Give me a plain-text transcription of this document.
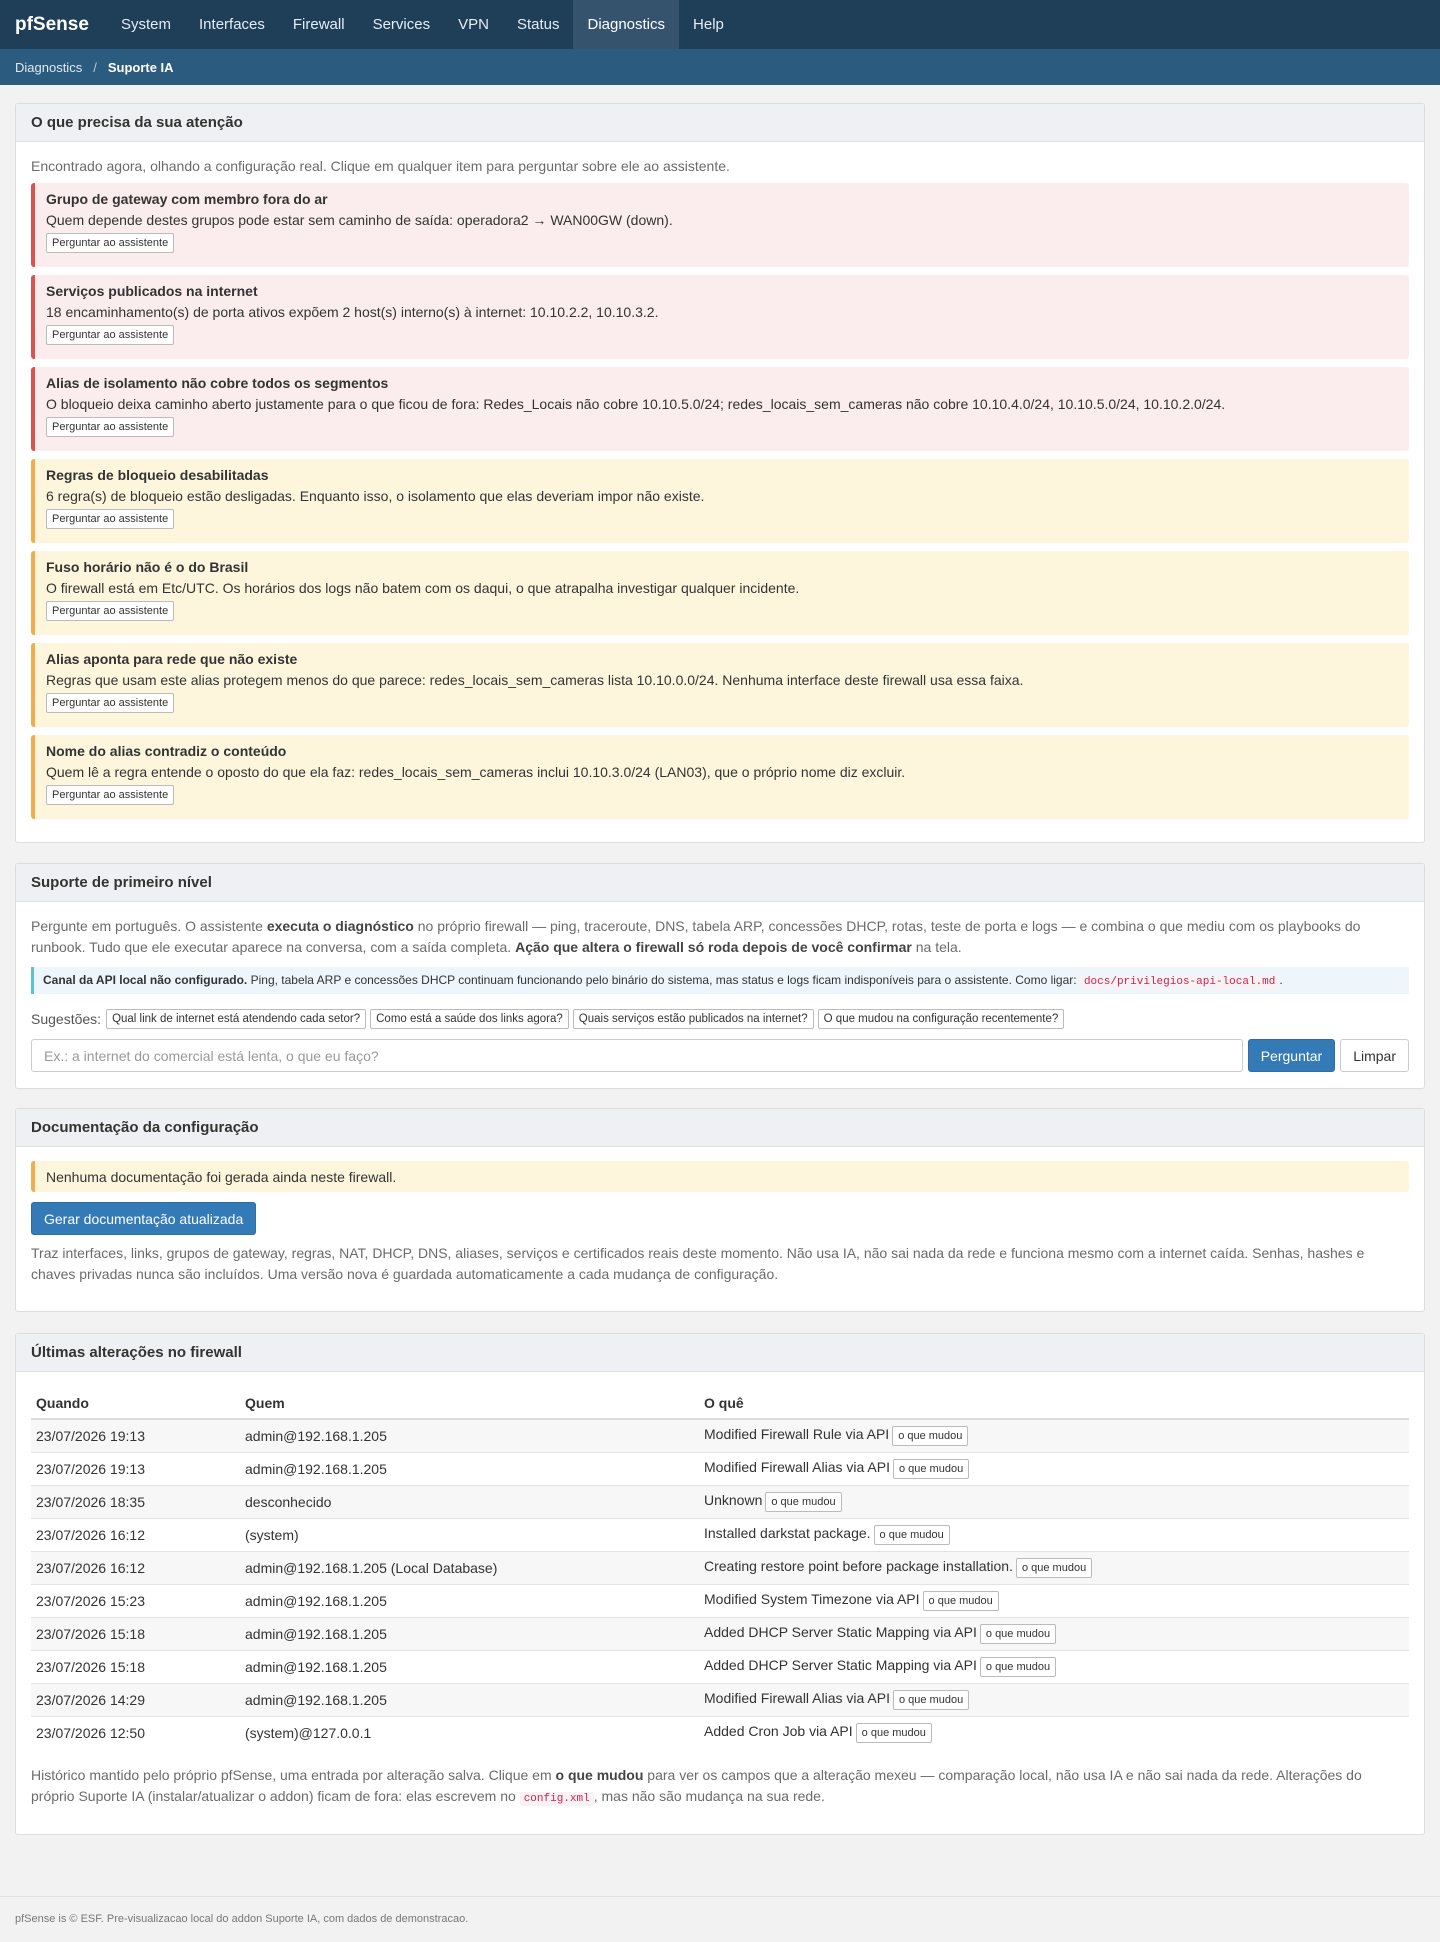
pfSense	System	Interfaces	Firewall	Services	VPN	Status	Diagnostics	Help
Diagnostics / Suporte IA
O que precisa da sua atenção
Encontrado agora, olhando a configuração real. Clique em qualquer item para perguntar sobre ele ao assistente.
Grupo de gateway com membro fora do ar
Quem depende destes grupos pode estar sem caminho de saída: operadora2 → WAN00GW (down).
Perguntar ao assistente
Serviços publicados na internet
18 encaminhamento(s) de porta ativos expõem 2 host(s) interno(s) à internet: 10.10.2.2, 10.10.3.2.
Perguntar ao assistente
Alias de isolamento não cobre todos os segmentos
O bloqueio deixa caminho aberto justamente para o que ficou de fora: Redes_Locais não cobre 10.10.5.0/24; redes_locais_sem_cameras não cobre 10.10.4.0/24, 10.10.5.0/24, 10.10.2.0/24.
Perguntar ao assistente
Regras de bloqueio desabilitadas
6 regra(s) de bloqueio estão desligadas. Enquanto isso, o isolamento que elas deveriam impor não existe.
Perguntar ao assistente
Fuso horário não é o do Brasil
O firewall está em Etc/UTC. Os horários dos logs não batem com os daqui, o que atrapalha investigar qualquer incidente.
Perguntar ao assistente
Alias aponta para rede que não existe
Regras que usam este alias protegem menos do que parece: redes_locais_sem_cameras lista 10.10.0.0/24. Nenhuma interface deste firewall usa essa faixa.
Perguntar ao assistente
Nome do alias contradiz o conteúdo
Quem lê a regra entende o oposto do que ela faz: redes_locais_sem_cameras inclui 10.10.3.0/24 (LAN03), que o próprio nome diz excluir.
Perguntar ao assistente
Suporte de primeiro nível
Pergunte em português. O assistente executa o diagnóstico no próprio firewall — ping, traceroute, DNS, tabela ARP, concessões DHCP, rotas, teste de porta e logs — e combina o que mediu com os playbooks do runbook. Tudo que ele executar aparece na conversa, com a saída completa. Ação que altera o firewall só roda depois de você confirmar na tela.
Canal da API local não configurado. Ping, tabela ARP e concessões DHCP continuam funcionando pelo binário do sistema, mas status e logs ficam indisponíveis para o assistente. Como ligar: docs/privilegios-api-local.md .
Sugestões: Qual link de internet está atendendo cada setor?	Como está a saúde dos links agora?	Quais serviços estão publicados na internet?	O que mudou na configuração recentemente?
Ex.: a internet do comercial está lenta, o que eu faço?
Perguntar	Limpar
Documentação da configuração
Nenhuma documentação foi gerada ainda neste firewall.
Gerar documentação atualizada
Traz interfaces, links, grupos de gateway, regras, NAT, DHCP, DNS, aliases, serviços e certificados reais deste momento. Não usa IA, não sai nada da rede e funciona mesmo com a internet caída. Senhas, hashes e chaves privadas nunca são incluídos. Uma versão nova é guardada automaticamente a cada mudança de configuração.
Últimas alterações no firewall
Quando	Quem	O quê
23/07/2026 19:13	admin@192.168.1.205	Modified Firewall Rule via API o que mudou
23/07/2026 19:13	admin@192.168.1.205	Modified Firewall Alias via API o que mudou
23/07/2026 18:35	desconhecido	Unknown o que mudou
23/07/2026 16:12	(system)	Installed darkstat package. o que mudou
23/07/2026 16:12	admin@192.168.1.205 (Local Database)	Creating restore point before package installation. o que mudou
23/07/2026 15:23	admin@192.168.1.205	Modified System Timezone via API o que mudou
23/07/2026 15:18	admin@192.168.1.205	Added DHCP Server Static Mapping via API o que mudou
23/07/2026 15:18	admin@192.168.1.205	Added DHCP Server Static Mapping via API o que mudou
23/07/2026 14:29	admin@192.168.1.205	Modified Firewall Alias via API o que mudou
23/07/2026 12:50	(system)@127.0.0.1	Added Cron Job via API o que mudou
Histórico mantido pelo próprio pfSense, uma entrada por alteração salva. Clique em o que mudou para ver os campos que a alteração mexeu — comparação local, não usa IA e não sai nada da rede. Alterações do próprio Suporte IA (instalar/atualizar o addon) ficam de fora: elas escrevem no config.xml , mas não são mudança na sua rede.
pfSense is © ESF. Pre-visualizacao local do addon Suporte IA, com dados de demonstracao.
